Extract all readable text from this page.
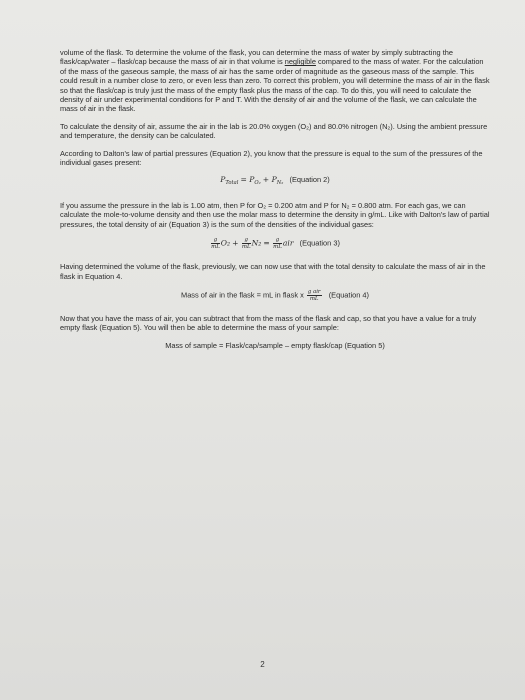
volume of the flask. To determine the volume of the flask, you can determine the mass of water by simply subtracting the flask/cap/water – flask/cap because the mass of air in that volume is negligible compared to the mass of water. For the calculation of the mass of the gaseous sample, the mass of air has the same order of magnitude as the gaseous mass of the sample. This could result in a number close to zero, or even less than zero. To correct this problem, you will determine the mass of air in the flask so that the flask/cap is truly just the mass of the empty flask plus the mass of the cap. To do this, you will need to calculate the density of air under experimental conditions for P and T. With the density of air and the volume of the flask, we can calculate the mass of air in the flask.

To calculate the density of air, assume the air in the lab is 20.0% oxygen (O₂) and 80.0% nitrogen (N₂). Using the ambient pressure and temperature, the density can be calculated.

According to Dalton's law of partial pressures (Equation 2), you know that the pressure is equal to the sum of the pressures of the individual gases present:

$P_{Total} = P_{O_2} + P_{N_2}$ (Equation 2)

If you assume the pressure in the lab is 1.00 atm, then P for O₂ = 0.200 atm and P for N₂ = 0.800 atm. For each gas, we can calculate the mole-to-volume density and then use the molar mass to determine the density in g/mL. Like with Dalton's law of partial pressures, the total density of air (Equation 3) is the sum of the densities of the individual gases:

$\frac{g}{mL} O_2 + \frac{g}{mL} N_2 = \frac{g}{mL}$ air (Equation 3)

Having determined the volume of the flask, previously, we can now use that with the total density to calculate the mass of air in the flask in Equation 4.

Mass of air in the flask = mL in flask x $\frac{\text{g air}}{mL}$ (Equation 4)

Now that you have the mass of air, you can subtract that from the mass of the flask and cap, so that you have a value for a truly empty flask (Equation 5). You will then be able to determine the mass of your sample:

Mass of sample = Flask/cap/sample – empty flask/cap (Equation 5)
2
